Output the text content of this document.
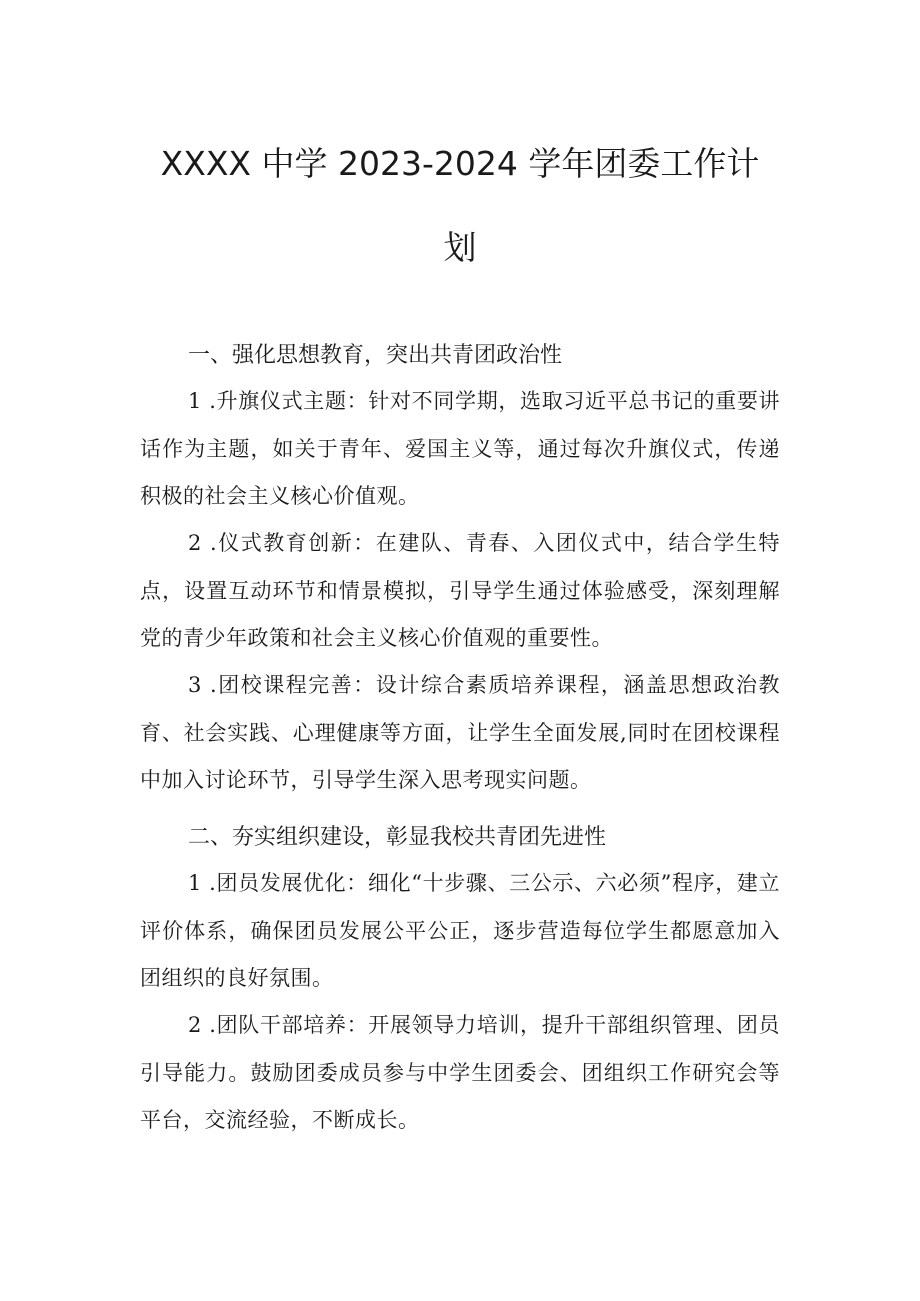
XXXX 中学 2023-2024 学年团委工作计
划
一、强化思想教育，突出共青团政治性
1 .升旗仪式主题：针对不同学期，选取习近平总书记的重要讲话作为主题，如关于青年、爱国主义等，通过每次升旗仪式，传递积极的社会主义核心价值观。
2 .仪式教育创新：在建队、青春、入团仪式中，结合学生特点，设置互动环节和情景模拟，引导学生通过体验感受，深刻理解党的青少年政策和社会主义核心价值观的重要性。
3 .团校课程完善：设计综合素质培养课程，涵盖思想政治教育、社会实践、心理健康等方面，让学生全面发展,同时在团校课程中加入讨论环节，引导学生深入思考现实问题。
二、夯实组织建设，彰显我校共青团先进性
1 .团员发展优化：细化“十步骤、三公示、六必须”程序，建立评价体系，确保团员发展公平公正，逐步营造每位学生都愿意加入团组织的良好氛围。
2 .团队干部培养：开展领导力培训，提升干部组织管理、团员引导能力。鼓励团委成员参与中学生团委会、团组织工作研究会等平台，交流经验，不断成长。
